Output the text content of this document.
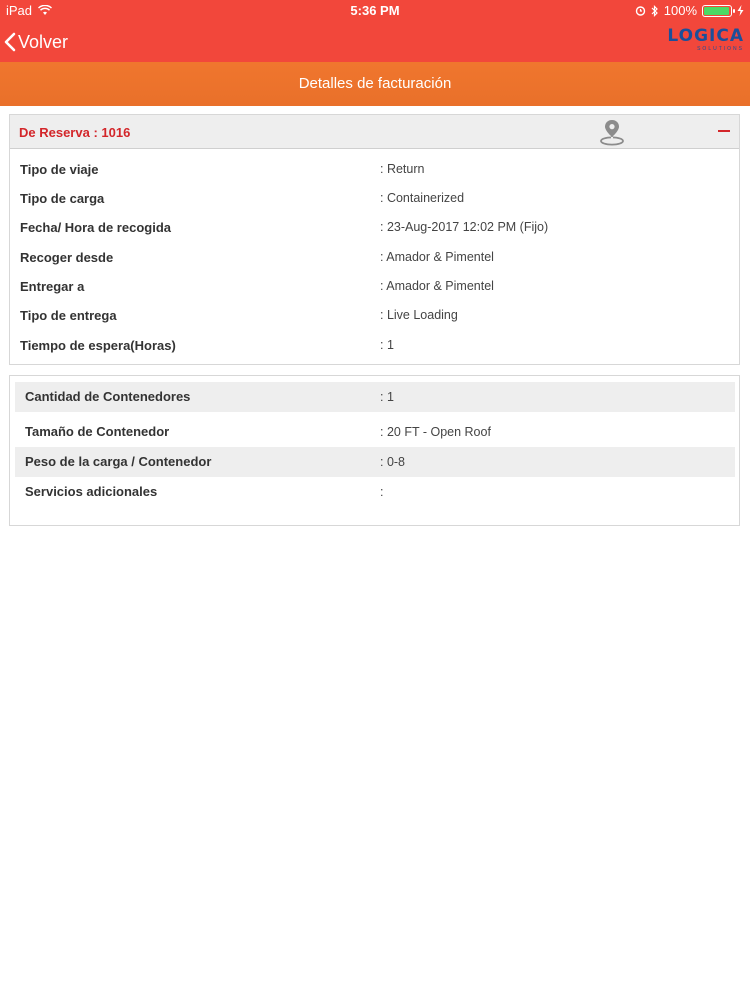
iPad	5:36 PM	100%
Volver	LOGICA
SOLUTIONS
Detalles de facturación
De Reserva : 1016
Tipo de viaje	: Return
Tipo de carga	: Containerized
Fecha/ Hora de recogida	: 23-Aug-2017 12:02 PM (Fijo)
Recoger desde	: Amador & Pimentel
Entregar a	: Amador & Pimentel
Tipo de entrega	: Live Loading
Tiempo de espera(Horas)	: 1
Cantidad de Contenedores	: 1
Tamaño de Contenedor	: 20 FT - Open Roof
Peso de la carga / Contenedor	: 0-8
Servicios adicionales	:
